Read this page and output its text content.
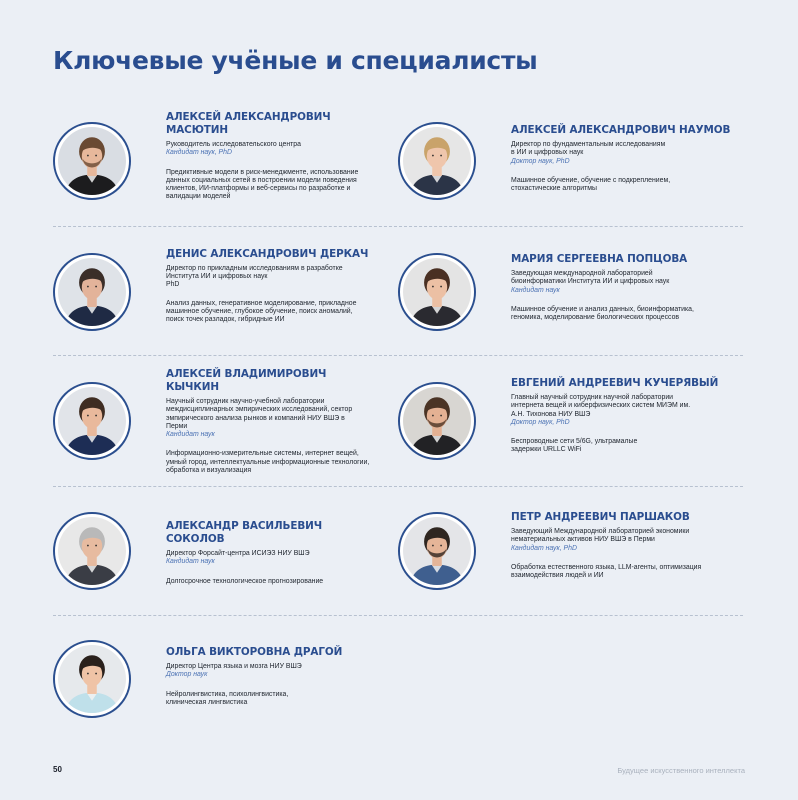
Ключевые учёные и специалисты
АЛЕКСЕЙ АЛЕКСАНДРОВИЧ МАСЮТИН
Руководитель исследовательского центра
Кандидат наук, PhD
Предиктивные модели в риск-менеджменте, использование данных социальных сетей в построении модели поведения клиентов, ИИ-платформы и веб-сервисы по разработке и валидации моделей
АЛЕКСЕЙ АЛЕКСАНДРОВИЧ НАУМОВ
Директор по фундаментальным исследованиям в ИИ и цифровых наук
Доктор наук, PhD
Машинное обучение, обучение с подкреплением, стохастические алгоритмы
ДЕНИС АЛЕКСАНДРОВИЧ ДЕРКАЧ
Директор по прикладным исследованиям в разработке Института ИИ и цифровых наук
PhD
Анализ данных, генеративное моделирование, прикладное машинное обучение, глубокое обучение, поиск аномалий, поиск точек разладок, гибридные ИИ
МАРИЯ СЕРГЕЕВНА ПОПЦОВА
Заведующая международной лабораторией биоинформатики Института ИИ и цифровых наук
Кандидат наук
Машинное обучение и анализ данных, биоинформатика, геномика, моделирование биологических процессов
АЛЕКСЕЙ ВЛАДИМИРОВИЧ КЫЧКИН
Научный сотрудник научно-учебной лаборатории междисциплинарных эмпирических исследований, сектор эмпирического анализа рынков и компаний НИУ ВШЭ в Перми
Кандидат наук
Информационно-измерительные системы, интернет вещей, умный город, интеллектуальные информационные технологии, обработка и визуализация
ЕВГЕНИЙ АНДРЕЕВИЧ КУЧЕРЯВЫЙ
Главный научный сотрудник научной лаборатории интернета вещей и киберфизических систем МИЭМ им. А.Н. Тихонова НИУ ВШЭ
Доктор наук, PhD
Беспроводные сети 5/6G, ультрамалые задержки URLLC WiFi
АЛЕКСАНДР ВАСИЛЬЕВИЧ СОКОЛОВ
Директор Форсайт-центра ИСИЭЗ НИУ ВШЭ
Кандидат наук
Долгосрочное технологическое прогнозирование
ПЕТР АНДРЕЕВИЧ ПАРШАКОВ
Заведующий Международной лабораторией экономики нематериальных активов НИУ ВШЭ в Перми
Кандидат наук, PhD
Обработка естественного языка, LLM-агенты, оптимизация взаимодействия людей и ИИ
ОЛЬГА ВИКТОРОВНА ДРАГОЙ
Директор Центра языка и мозга НИУ ВШЭ
Доктор наук
Нейролингвистика, психолингвистика, клиническая лингвистика
50	Будущее искусственного интеллекта
